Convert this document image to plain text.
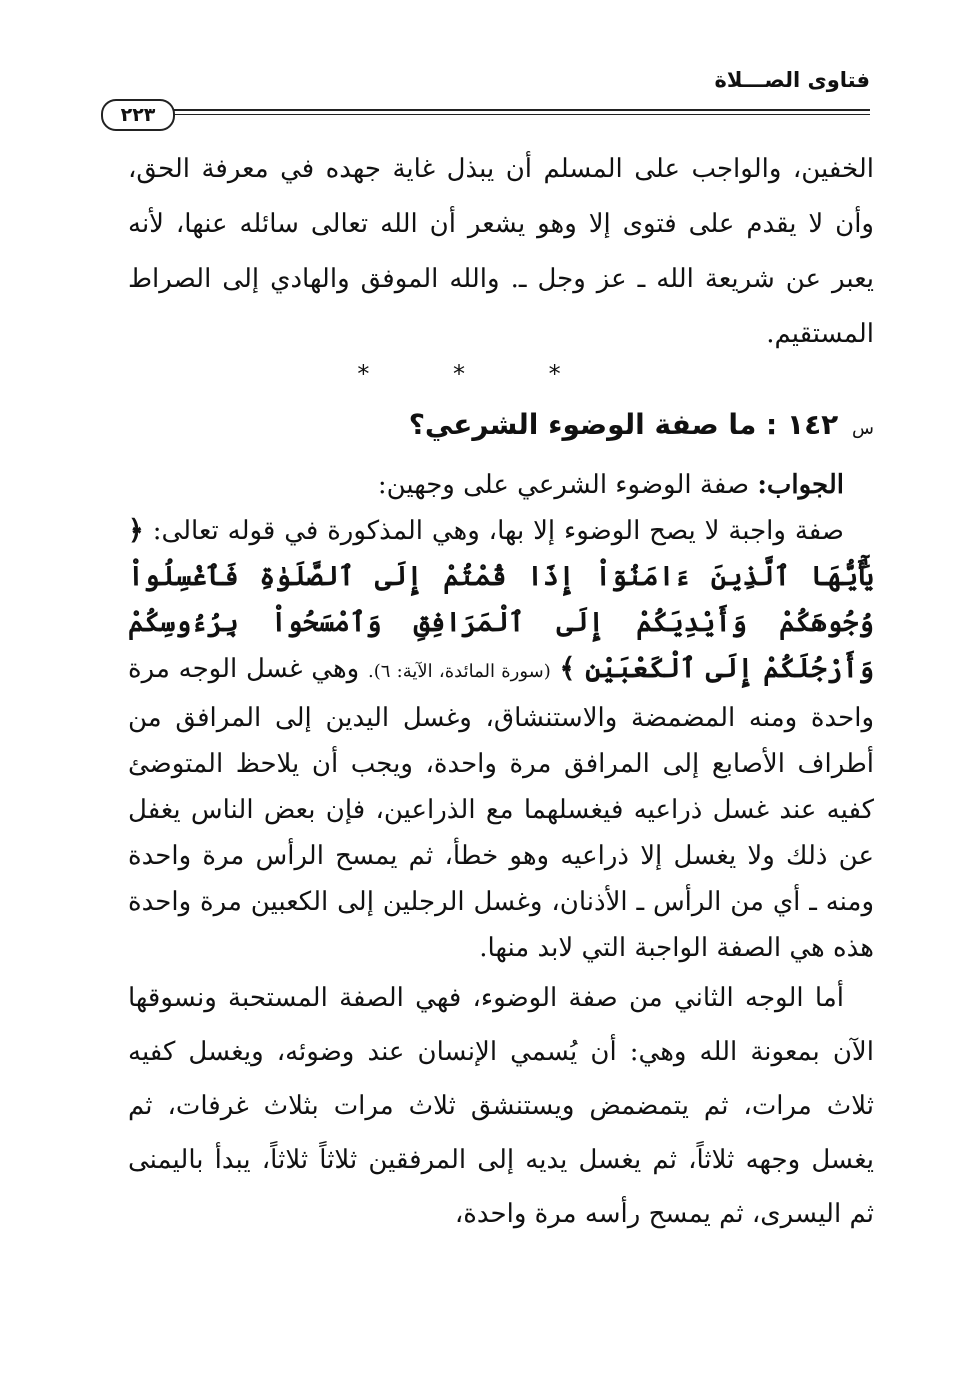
فتاوى الصـــلاة
٢٢٣

الخفين، والواجب على المسلم أن يبذل غاية جهده في معرفة الحق، وأن لا يقدم على فتوى إلا وهو يشعر أن الله تعالى سائله عنها، لأنه يعبر عن شريعة الله ـ عز وجل ـ. والله الموفق والهادي إلى الصراط المستقيم.

* * *
س ١٤٢ : ما صفة الوضوء الشرعي؟

الجواب: صفة الوضوء الشرعي على وجهين:

صفة واجبة لا يصح الوضوء إلا بها، وهي المذكورة في قوله تعالى: ﴿ يَٰٓأَيُّهَا ٱلَّذِينَ ءَامَنُوٓاْ إِذَا قُمْتُمْ إِلَى ٱلصَّلَوٰةِ فَٱغْسِلُواْ وُجُوهَكُمْ وَأَيْدِيَكُمْ إِلَى ٱلْمَرَافِقِ وَٱمْسَحُواْ بِرُءُوسِكُمْ وَأَرْجُلَكُمْ إِلَى ٱلْكَعْبَيْنِ ﴾ (سورة المائدة، الآية: ٦). وهي غسل الوجه مرة واحدة ومنه المضمضة والاستنشاق، وغسل اليدين إلى المرافق من أطراف الأصابع إلى المرافق مرة واحدة، ويجب أن يلاحظ المتوضئ كفيه عند غسل ذراعيه فيغسلهما مع الذراعين، فإن بعض الناس يغفل عن ذلك ولا يغسل إلا ذراعيه وهو خطأ، ثم يمسح الرأس مرة واحدة ومنه ـ أي من الرأس ـ الأذنان، وغسل الرجلين إلى الكعبين مرة واحدة هذه هي الصفة الواجبة التي لابد منها.

أما الوجه الثاني من صفة الوضوء، فهي الصفة المستحبة ونسوقها الآن بمعونة الله وهي: أن يُسمي الإنسان عند وضوئه، ويغسل كفيه ثلاث مرات، ثم يتمضمض ويستنشق ثلاث مرات بثلاث غرفات، ثم يغسل وجهه ثلاثاً، ثم يغسل يديه إلى المرفقين ثلاثاً ثلاثاً، يبدأ باليمنى ثم اليسرى، ثم يمسح رأسه مرة واحدة،
